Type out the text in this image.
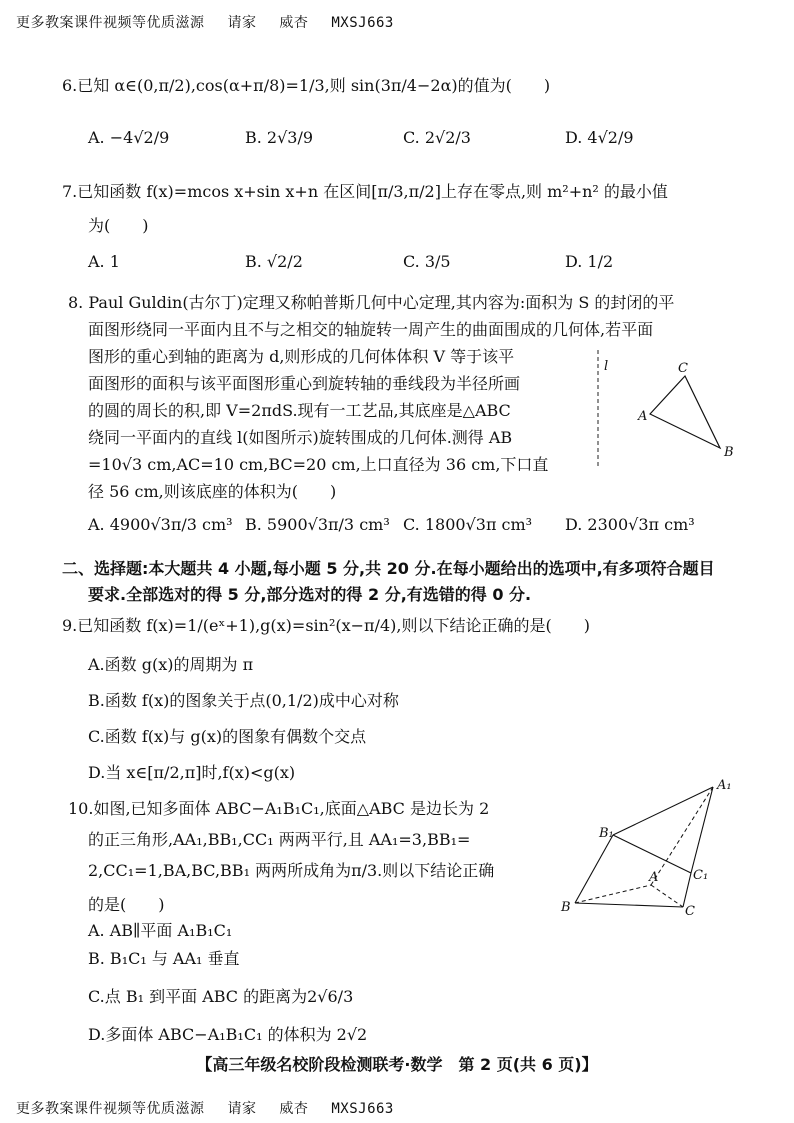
更多教案课件视频等优质滋源 请家 威杏 MXSJ663
6.已知 α∈(0,π/2),cos(α+π/8)=1/3,则 sin(3π/4−2α)的值为(　　)
A. −4√2/9	B. 2√3/9	C. 2√2/3	D. 4√2/9
7.已知函数 f(x)=mcos x+sin x+n 在区间[π/3,π/2]上存在零点,则 m²+n² 的最小值
为(　　)
A. 1	B. √2/2	C. 3/5	D. 1/2
8. Paul Guldin(古尔丁)定理又称帕普斯几何中心定理,其内容为:面积为 S 的封闭的平
面图形绕同一平面内且不与之相交的轴旋转一周产生的曲面围成的几何体,若平面
图形的重心到轴的距离为 d,则形成的几何体体积 V 等于该平
面图形的面积与该平面图形重心到旋转轴的垂线段为半径所画
的圆的周长的积,即 V=2πdS.现有一工艺品,其底座是△ABC
绕同一平面内的直线 l(如图所示)旋转围成的几何体.测得 AB
=10√3 cm,AC=10 cm,BC=20 cm,上口直径为 36 cm,下口直
径 56 cm,则该底座的体积为(　　)
l
A
C
B
A. 4900√3π/3 cm³ B. 5900√3π/3 cm³ C. 1800√3π cm³ D. 2300√3π cm³
二、选择题:本大题共 4 小题,每小题 5 分,共 20 分.在每小题给出的选项中,有多项符合题目
要求.全部选对的得 5 分,部分选对的得 2 分,有选错的得 0 分.
9.已知函数 f(x)=1/(eˣ+1),g(x)=sin²(x−π/4),则以下结论正确的是(　　)
A.函数 g(x)的周期为 π
B.函数 f(x)的图象关于点(0,1/2)成中心对称
C.函数 f(x)与 g(x)的图象有偶数个交点
D.当 x∈[π/2,π]时,f(x)<g(x)
10.如图,已知多面体 ABC−A₁B₁C₁,底面△ABC 是边长为 2
的正三角形,AA₁,BB₁,CC₁ 两两平行,且 AA₁=3,BB₁=
2,CC₁=1,BA,BC,BB₁ 两两所成角为π/3.则以下结论正确
的是(　　)
A. AB∥平面 A₁B₁C₁
B. B₁C₁ 与 AA₁ 垂直
C.点 B₁ 到平面 ABC 的距离为2√6/3
D.多面体 ABC−A₁B₁C₁ 的体积为 2√2
A₁
B₁
C₁
A
B	C
【高三年级名校阶段检测联考·数学　第 2 页(共 6 页)】
更多教案课件视频等优质滋源 请家 威杏 MXSJ663
